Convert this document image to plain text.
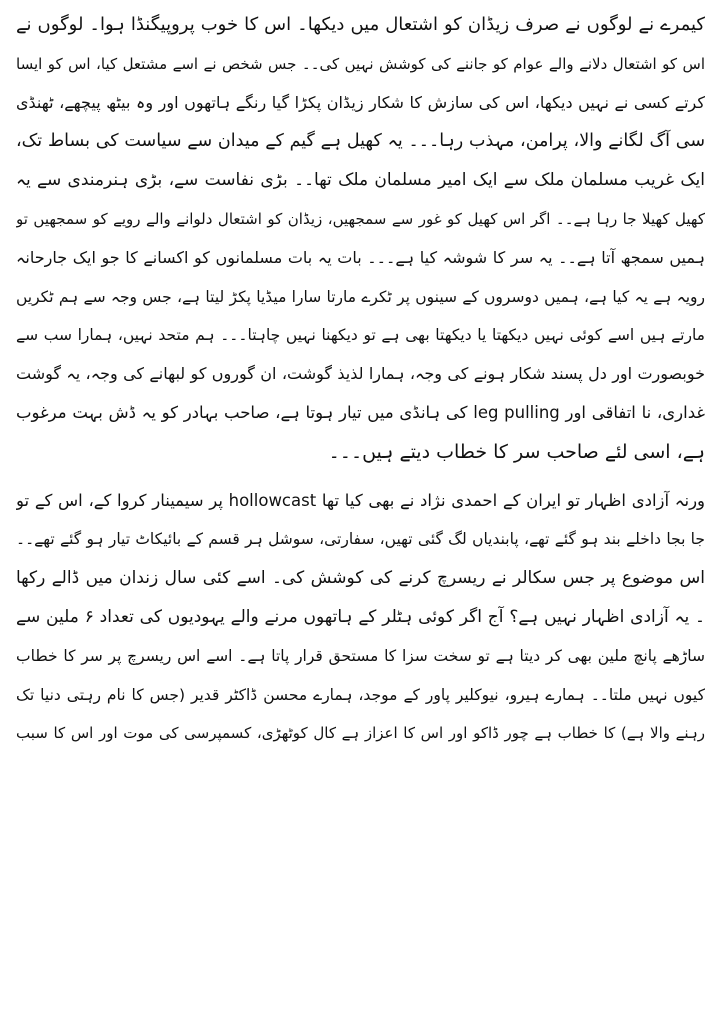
کیمرے نے لوگوں نے صرف زیڈان کو اشتعال میں دیکھا۔ اس کا خوب پروپیگنڈا ہوا۔ لوگوں نے

اس کو اشتعال دلانے والے عوام کو جاننے کی کوشش نہیں کی۔۔ جس شخص نے اسے مشتعل کیا، اس کو ایسا

کرتے کسی نے نہیں دیکھا، اس کی سازش کا شکار زیڈان پکڑا گیا رنگے ہاتھوں اور وہ بیٹھ پیچھے، ٹھنڈی

سی آگ لگانے والا، پرامن، مہذب رہا۔۔۔ یہ کھیل ہے گیم کے میدان سے سیاست کی بساط تک،

ایک غریب مسلمان ملک سے ایک امیر مسلمان ملک تھا۔۔ بڑی نفاست سے، بڑی ہنرمندی سے یہ

کھیل کھیلا جا رہا ہے۔۔ اگر اس کھیل کو غور سے سمجھیں، زیڈان کو اشتعال دلوانے والے رویے کو سمجھیں تو

ہمیں سمجھ آتا ہے۔۔ یہ سر کا شوشہ کیا ہے۔۔۔ بات یہ بات مسلمانوں کو اکسانے کا جو ایک جارحانہ

رویہ ہے یہ کیا ہے، ہمیں دوسروں کے سینوں پر ٹکرے مارتا سارا میڈیا پکڑ لیتا ہے، جس وجہ سے ہم ٹکریں

مارتے ہیں اسے کوئی نہیں دیکھتا یا دیکھتا بھی ہے تو دیکھنا نہیں چاہتا۔۔۔ ہم متحد نہیں، ہمارا سب سے

خوبصورت اور دل پسند شکار ہونے کی وجہ، ہمارا لذیذ گوشت، ان گوروں کو لبھانے کی وجہ، یہ گوشت

غداری، نا اتفاقی اور leg pulling کی ہانڈی میں تیار ہوتا ہے، صاحب بہادر کو یہ ڈش بہت مرغوب

ہے، اسی لئے صاحب سر کا خطاب دیتے ہیں۔۔۔

ورنہ آزادی اظہار تو ایران کے احمدی نژاد نے بھی کیا تھا hollowcast پر سیمینار کروا کے، اس کے تو

جا بجا داخلے بند ہو گئے تھے، پابندیاں لگ گئی تھیں، سفارتی، سوشل ہر قسم کے بائیکاٹ تیار ہو گئے تھے۔۔

اس موضوع پر جس سکالر نے ریسرچ کرنے کی کوشش کی۔ اسے کئی سال زندان میں ڈالے رکھا

۔ یہ آزادی اظہار نہیں ہے؟ آج اگر کوئی ہٹلر کے ہاتھوں مرنے والے یہودیوں کی تعداد ۶ ملین سے

ساڑھے پانچ ملین بھی کر دیتا ہے تو سخت سزا کا مستحق قرار پاتا ہے۔ اسے اس ریسرچ پر سر کا خطاب

کیوں نہیں ملتا۔۔ ہمارے ہیرو، نیوکلیر پاور کے موجد، ہمارے محسن ڈاکٹر قدیر (جس کا نام رہتی دنیا تک

رہنے والا ہے) کا خطاب ہے چور ڈاکو اور اس کا اعزاز ہے کال کوٹھڑی، کسمپرسی کی موت اور اس کا سبب
